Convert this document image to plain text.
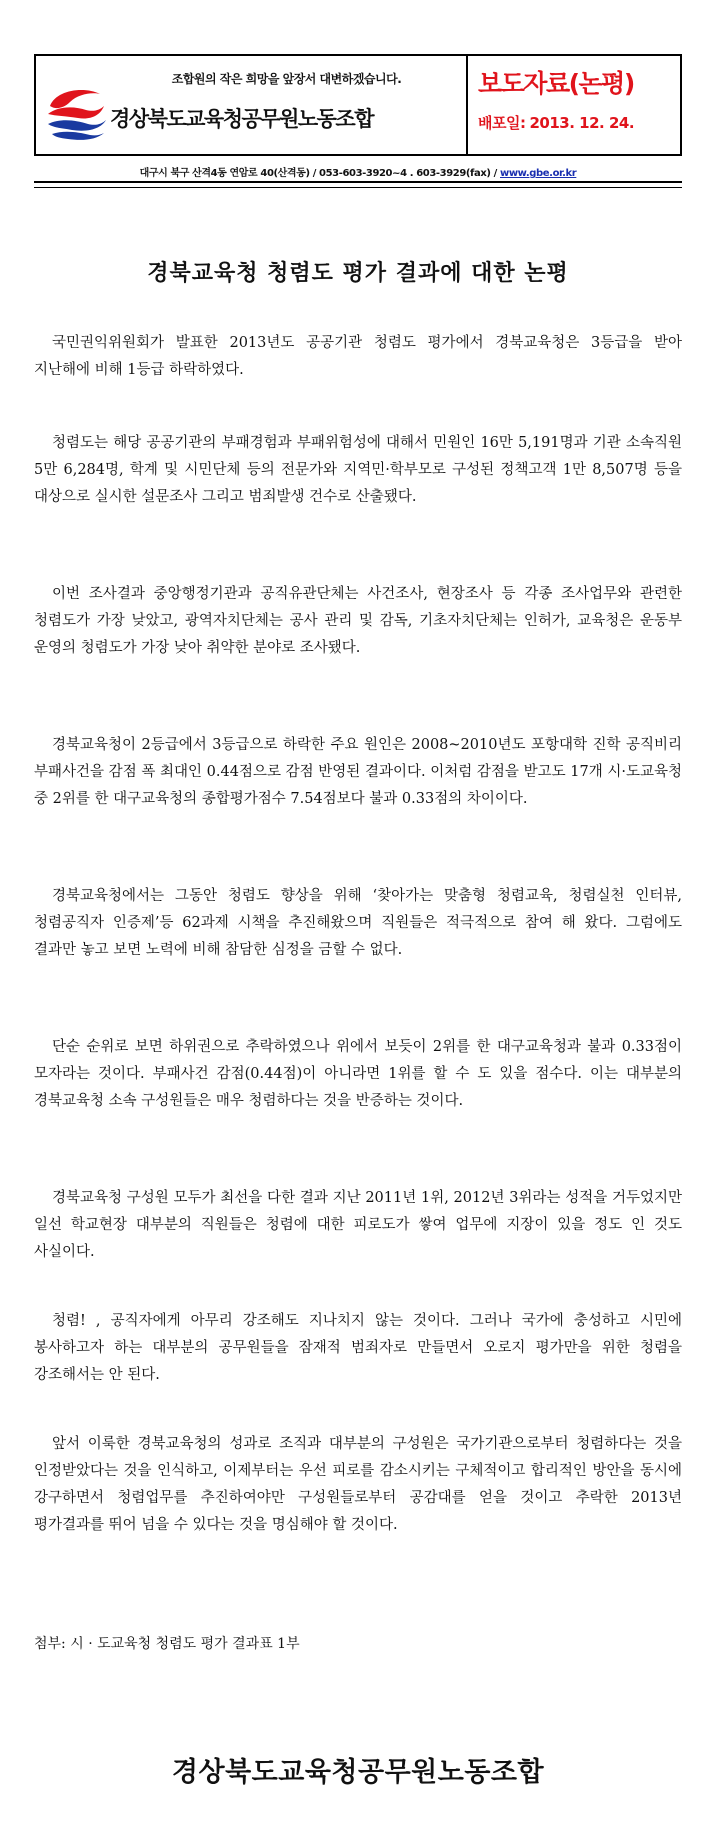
조합원의 작은 희망을 앞장서 대변하겠습니다.
경상북도교육청공무원노동조합
보도자료(논평)
배포일: 2013. 12. 24.
대구시 북구 산격4동 연암로 40(산격동) / 053-603-3920~4 . 603-3929(fax) / www.gbe.or.kr
경북교육청 청렴도 평가 결과에 대한 논평

국민권익위원회가 발표한 2013년도 공공기관 청렴도 평가에서 경북교육청은 3등급을 받아 지난해에 비해 1등급 하락하였다.

청렴도는 해당 공공기관의 부패경험과 부패위험성에 대해서 민원인 16만 5,191명과 기관 소속직원 5만 6,284명, 학계 및 시민단체 등의 전문가와 지역민·학부모로 구성된 정책고객 1만 8,507명 등을 대상으로 실시한 설문조사 그리고 범죄발생 건수로 산출됐다.

이번 조사결과 중앙행정기관과 공직유관단체는 사건조사, 현장조사 등 각종 조사업무와 관련한 청렴도가 가장 낮았고, 광역자치단체는 공사 관리 및 감독, 기초자치단체는 인허가, 교육청은 운동부 운영의 청렴도가 가장 낮아 취약한 분야로 조사됐다.

경북교육청이 2등급에서 3등급으로 하락한 주요 원인은 2008~2010년도 포항대학 진학 공직비리 부패사건을 감점 폭 최대인 0.44점으로 감점 반영된 결과이다. 이처럼 감점을 받고도 17개 시·도교육청 중 2위를 한 대구교육청의 종합평가점수 7.54점보다 불과 0.33점의 차이이다.

경북교육청에서는 그동안 청렴도 향상을 위해 ‘찾아가는 맞춤형 청렴교육, 청렴실천 인터뷰, 청렴공직자 인증제’등 62과제 시책을 추진해왔으며 직원들은 적극적으로 참여 해 왔다. 그럼에도 결과만 놓고 보면 노력에 비해 참담한 심정을 금할 수 없다.

단순 순위로 보면 하위권으로 추락하였으나 위에서 보듯이 2위를 한 대구교육청과 불과 0.33점이 모자라는 것이다. 부패사건 감점(0.44점)이 아니라면 1위를 할 수 도 있을 점수다. 이는 대부분의 경북교육청 소속 구성원들은 매우 청렴하다는 것을 반증하는 것이다.

경북교육청 구성원 모두가 최선을 다한 결과 지난 2011년 1위, 2012년 3위라는 성적을 거두었지만 일선 학교현장 대부분의 직원들은 청렴에 대한 피로도가 쌓여 업무에 지장이 있을 정도 인 것도 사실이다.

청렴! , 공직자에게 아무리 강조해도 지나치지 않는 것이다. 그러나 국가에 충성하고 시민에 봉사하고자 하는 대부분의 공무원들을 잠재적 범죄자로 만들면서 오로지 평가만을 위한 청렴을 강조해서는 안 된다.

앞서 이룩한 경북교육청의 성과로 조직과 대부분의 구성원은 국가기관으로부터 청렴하다는 것을 인정받았다는 것을 인식하고, 이제부터는 우선 피로를 감소시키는 구체적이고 합리적인 방안을 동시에 강구하면서 청렴업무를 추진하여야만 구성원들로부터 공감대를 얻을 것이고 추락한 2013년 평가결과를 뛰어 넘을 수 있다는 것을 명심해야 할 것이다.

첨부: 시 · 도교육청 청렴도 평가 결과표 1부
경상북도교육청공무원노동조합
